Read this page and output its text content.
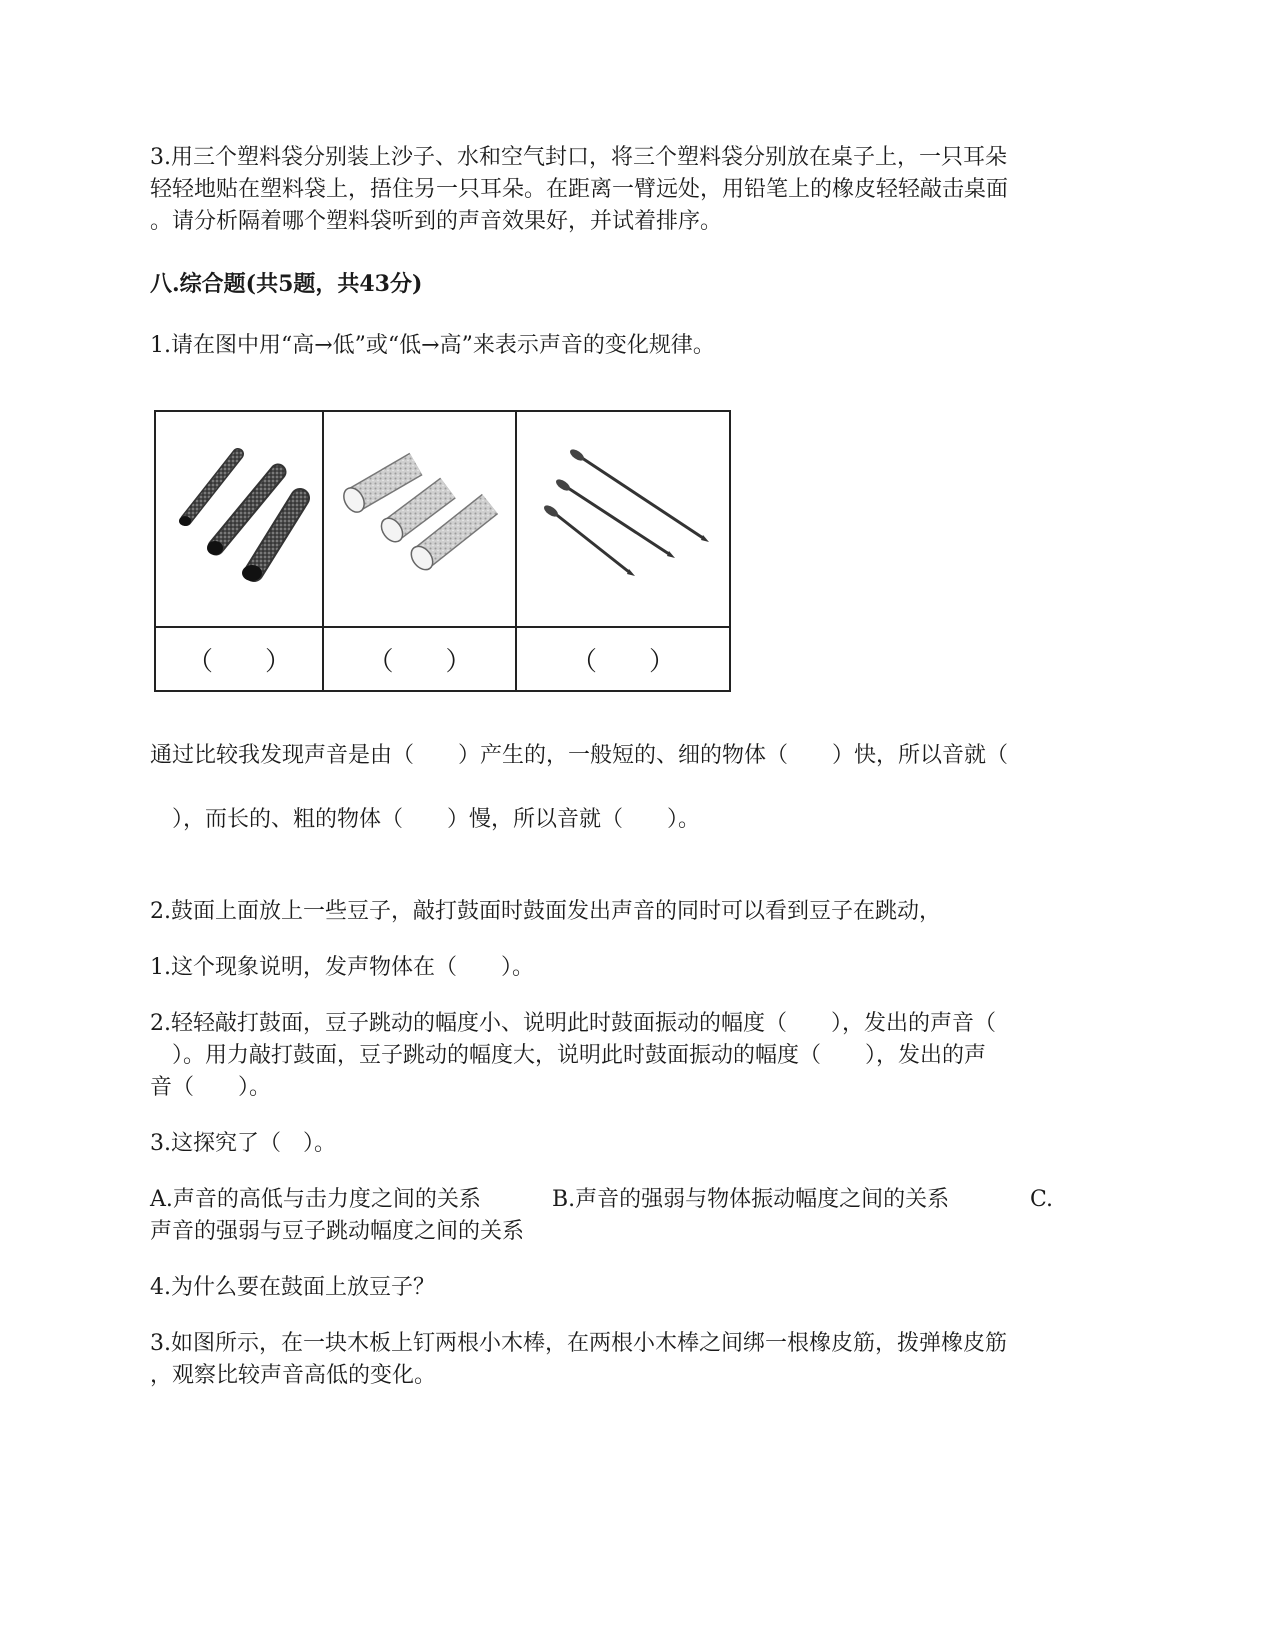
3.用三个塑料袋分别装上沙子、水和空气封口，将三个塑料袋分别放在桌子上，一只耳朵
轻轻地贴在塑料袋上，捂住另一只耳朵。在距离一臂远处，用铅笔上的橡皮轻轻敲击桌面
。请分析隔着哪个塑料袋听到的声音效果好，并试着排序。
八.综合题(共5题，共43分)
1.请在图中用“高→低”或“低→高”来表示声音的变化规律。

（　　）	（　　）	（　　）
通过比较我发现声音是由（　　）产生的，一般短的、细的物体（　　）快，所以音就（
　），而长的、粗的物体（　　）慢，所以音就（　　）。
2.鼓面上面放上一些豆子，敲打鼓面时鼓面发出声音的同时可以看到豆子在跳动，
1.这个现象说明，发声物体在（　　）。
2.轻轻敲打鼓面，豆子跳动的幅度小、说明此时鼓面振动的幅度（　　），发出的声音（
　）。用力敲打鼓面，豆子跳动的幅度大，说明此时鼓面振动的幅度（　　），发出的声
音（　　）。
3.这探究了（　）。
A.声音的高低与击力度之间的关系	B.声音的强弱与物体振动幅度之间的关系	C.
声音的强弱与豆子跳动幅度之间的关系
4.为什么要在鼓面上放豆子？
3.如图所示，在一块木板上钉两根小木棒，在两根小木棒之间绑一根橡皮筋，拨弹橡皮筋
，观察比较声音高低的变化。
